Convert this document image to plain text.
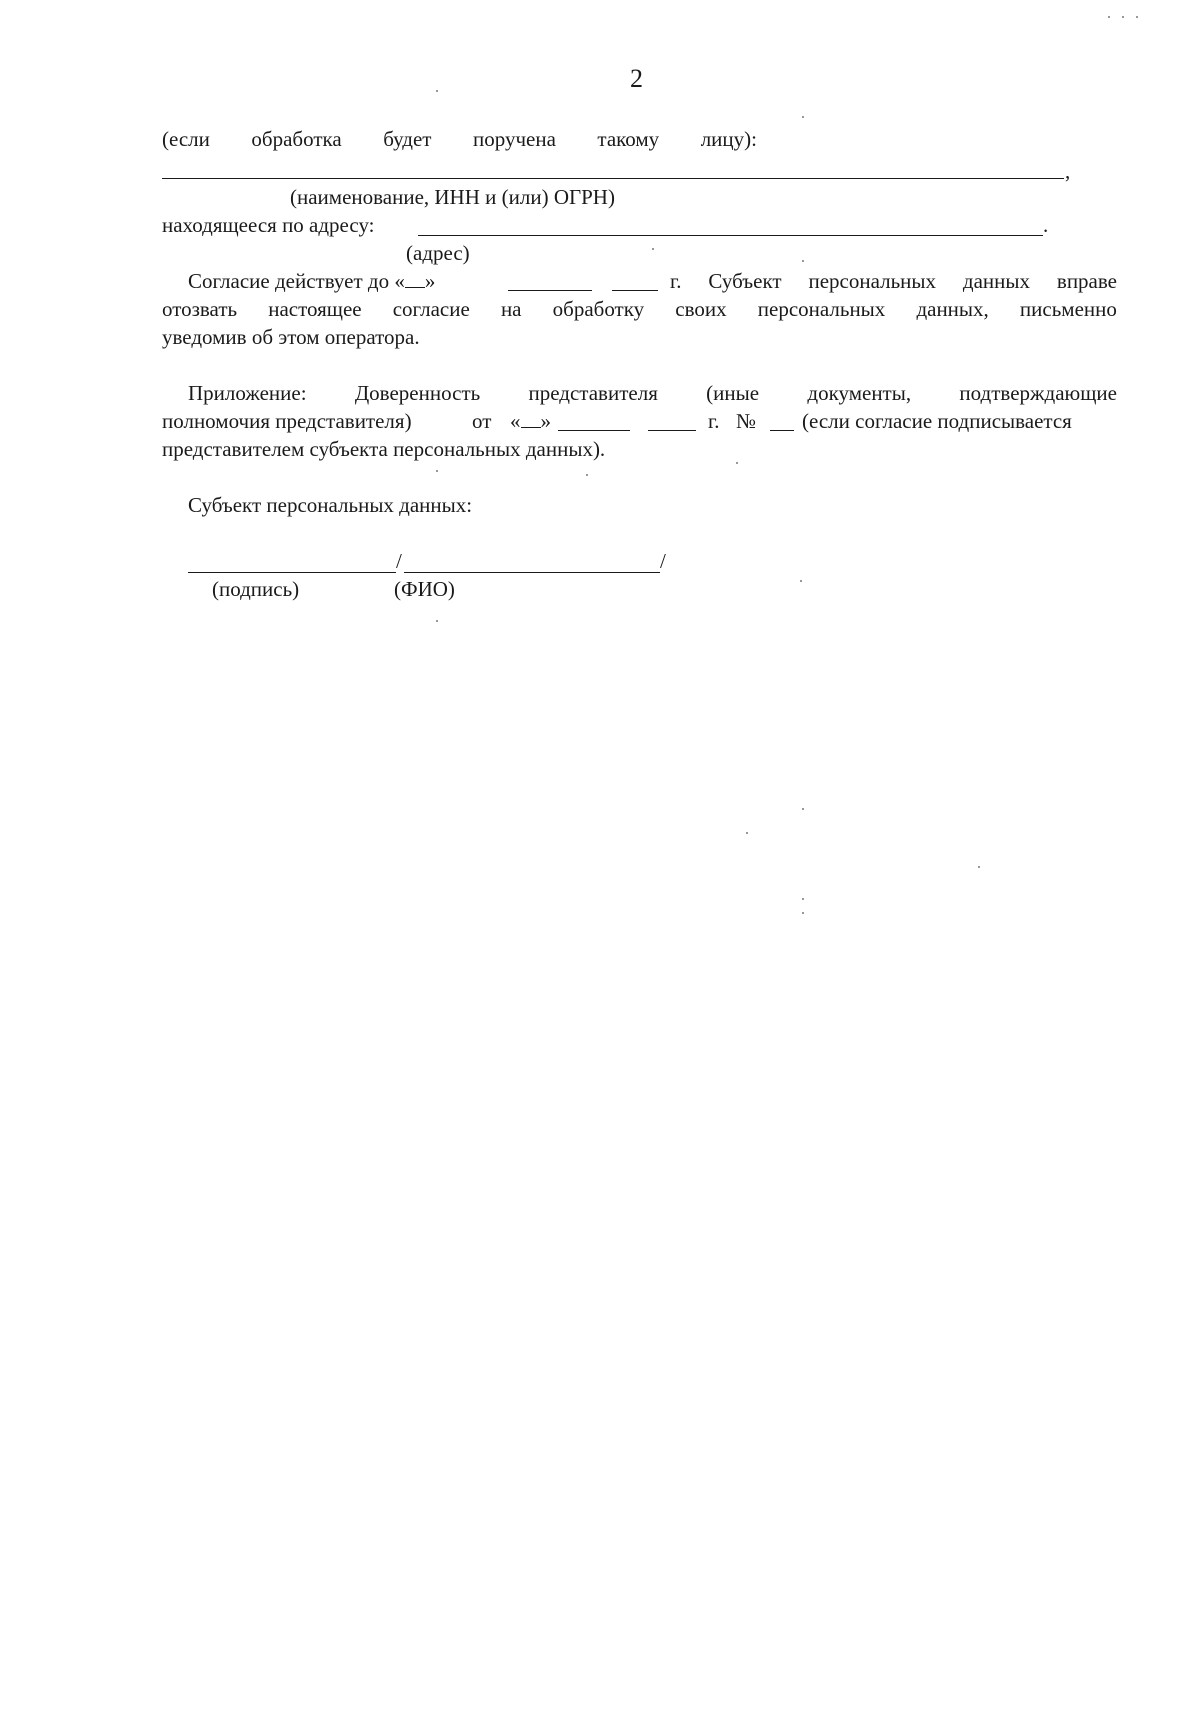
2
(если обработка будет поручена такому лицу):
,
(наименование, ИНН и (или) ОГРН)
находящееся по адресу:	.
(адрес)
Согласие действует до « »	г. Субъект персональных данных вправе
отозвать настоящее согласие на обработку своих персональных данных, письменно
уведомив об этом оператора.
Приложение: Доверенность представителя (иные документы, подтверждающие
полномочия представителя)	от « »	г. № (если согласие подписывается
представителем субъекта персональных данных).
Субъект персональных данных:
/	/
(подпись)	(ФИО)
